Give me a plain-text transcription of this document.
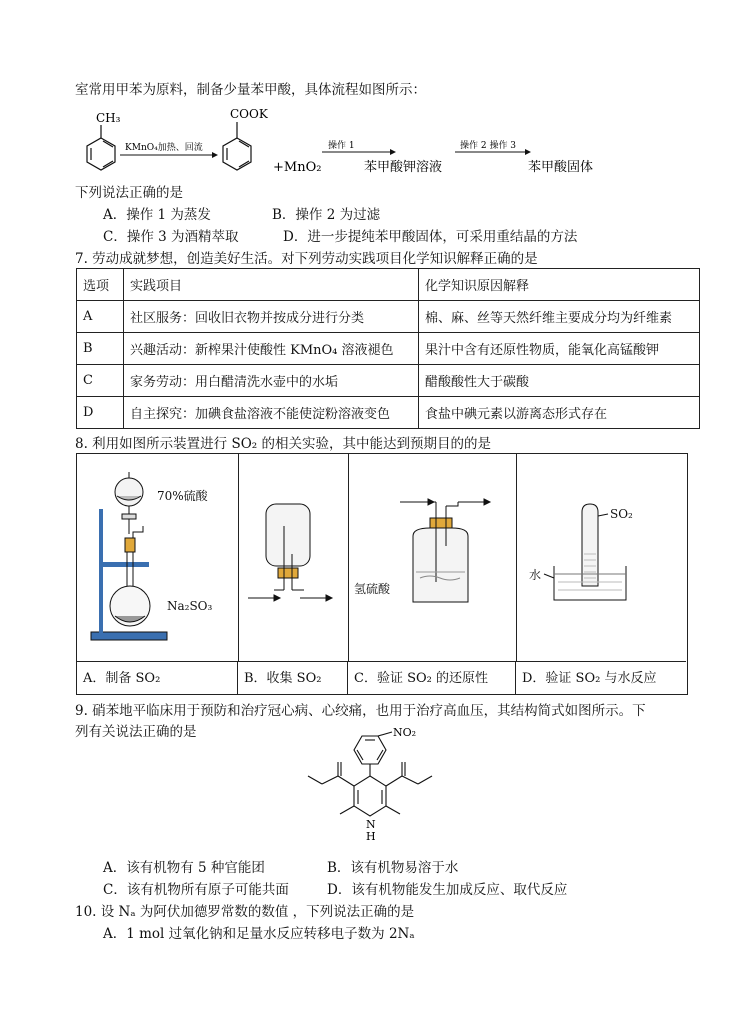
室常用甲苯为原料，制备少量苯甲酸，具体流程如图所示：
CH₃
KMnO₄加热、回流
COOK
+MnO₂
操作 1
苯甲酸钾溶液
操作 2 操作 3
苯甲酸固体
下列说法正确的是
A．操作 1 为蒸发	B．操作 2 为过滤
C．操作 3 为酒精萃取	D．进一步提纯苯甲酸固体，可采用重结晶的方法
7. 劳动成就梦想，创造美好生活。对下列劳动实践项目化学知识解释正确的是
选项	实践项目	化学知识原因解释
A	社区服务：回收旧衣物并按成分进行分类	棉、麻、丝等天然纤维主要成分均为纤维素
B	兴趣活动：新榨果汁使酸性 KMnO₄ 溶液褪色	果汁中含有还原性物质，能氧化高锰酸钾
C	家务劳动：用白醋清洗水壶中的水垢	醋酸酸性大于碳酸
D	自主探究：加碘食盐溶液不能使淀粉溶液变色	食盐中碘元素以游离态形式存在
8. 利用如图所示装置进行 SO₂ 的相关实验，其中能达到预期目的的是
70%硫酸
Na₂SO₃
氢硫酸
SO₂
水
A．制备 SO₂	B．收集 SO₂	C．验证 SO₂ 的还原性	D．验证 SO₂ 与水反应
9. 硝苯地平临床用于预防和治疗冠心病、心绞痛，也用于治疗高血压，其结构简式如图所示。下
列有关说法正确的是	NO₂
N
H
A．该有机物有 5 种官能团	B．该有机物易溶于水
C．该有机物所有原子可能共面	D．该有机物能发生加成反应、取代反应
10. 设 Nₐ 为阿伏加德罗常数的数值 ，下列说法正确的是
A．1 mol 过氧化钠和足量水反应转移电子数为 2Nₐ
